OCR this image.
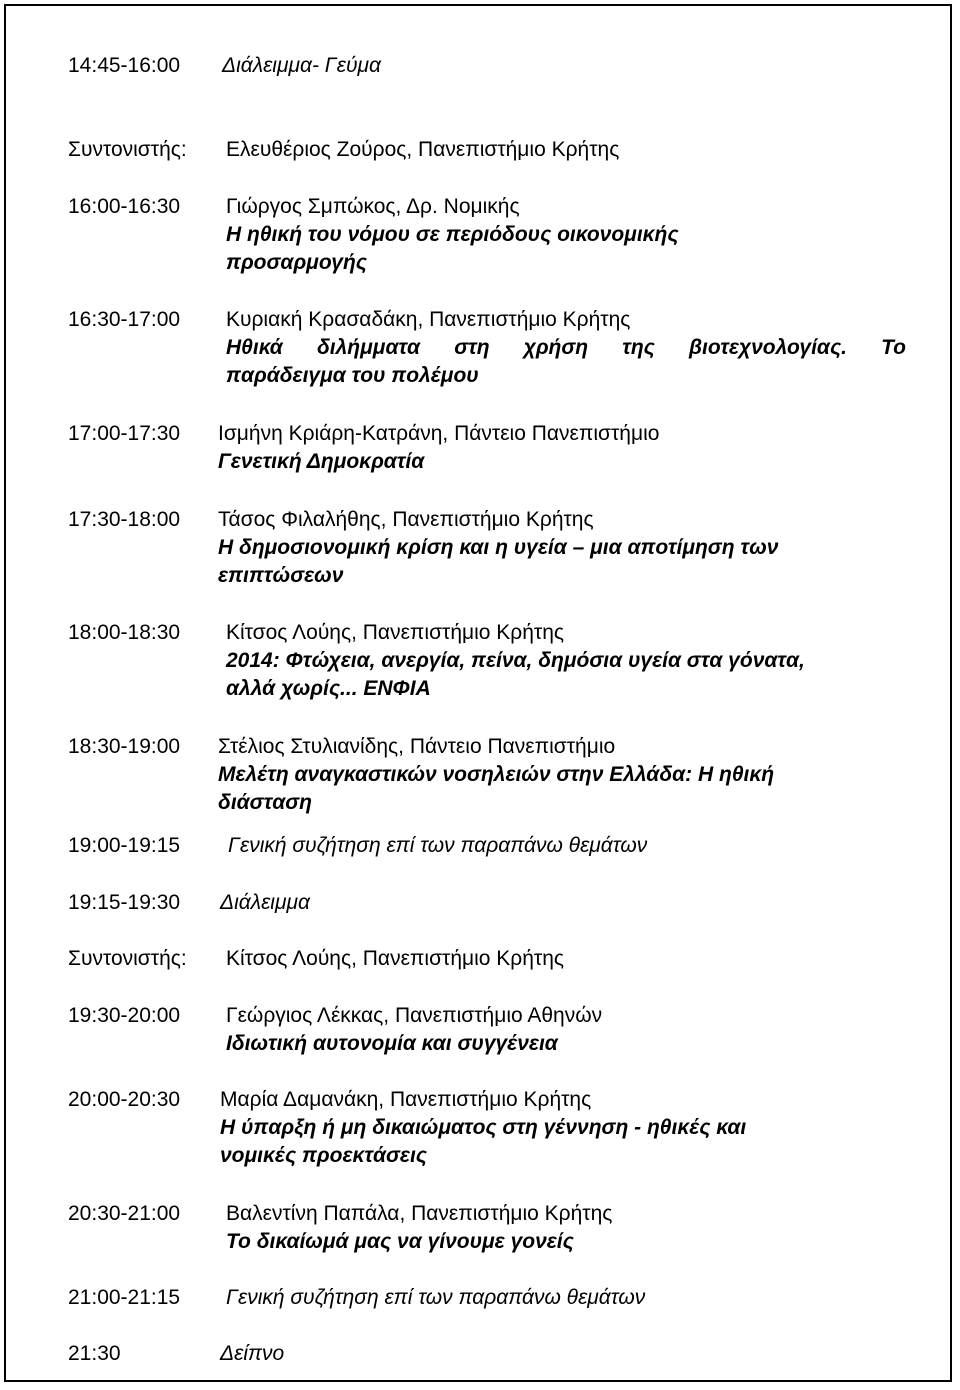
14:45-16:00 Διάλειμμα- Γεύμα
Συντονιστής: Ελευθέριος Ζούρος, Πανεπιστήμιο Κρήτης
16:00-16:30 Γιώργος Σμπώκος, Δρ. Νομικής
Η ηθική του νόμου σε περιόδους οικονομικής
προσαρμογής
16:30-17:00 Κυριακή Κρασαδάκη, Πανεπιστήμιο Κρήτης
Ηθικά διλήμματα στη χρήση της βιοτεχνολογίας. Το
παράδειγμα του πολέμου
17:00-17:30 Ισμήνη Κριάρη-Κατράνη, Πάντειο Πανεπιστήμιο
Γενετική Δημοκρατία
17:30-18:00 Τάσος Φιλαλήθης, Πανεπιστήμιο Κρήτης
Η δημοσιονομική κρίση και η υγεία – μια αποτίμηση των
επιπτώσεων
18:00-18:30 Κίτσος Λούης, Πανεπιστήμιο Κρήτης
2014: Φτώχεια, ανεργία, πείνα, δημόσια υγεία στα γόνατα,
αλλά χωρίς... ΕΝΦΙΑ
18:30-19:00 Στέλιος Στυλιανίδης, Πάντειο Πανεπιστήμιο
Μελέτη αναγκαστικών νοσηλειών στην Ελλάδα: Η ηθική
διάσταση
19:00-19:15 Γενική συζήτηση επί των παραπάνω θεμάτων
19:15-19:30 Διάλειμμα
Συντονιστής: Κίτσος Λούης, Πανεπιστήμιο Κρήτης
19:30-20:00 Γεώργιος Λέκκας, Πανεπιστήμιο Αθηνών
Ιδιωτική αυτονομία και συγγένεια
20:00-20:30 Μαρία Δαμανάκη, Πανεπιστήμιο Κρήτης
Η ύπαρξη ή μη δικαιώματος στη γέννηση - ηθικές και
νομικές προεκτάσεις
20:30-21:00 Βαλεντίνη Παπάλα, Πανεπιστήμιο Κρήτης
Το δικαίωμά μας να γίνουμε γονείς
21:00-21:15 Γενική συζήτηση επί των παραπάνω θεμάτων
21:30	Δείπνο
